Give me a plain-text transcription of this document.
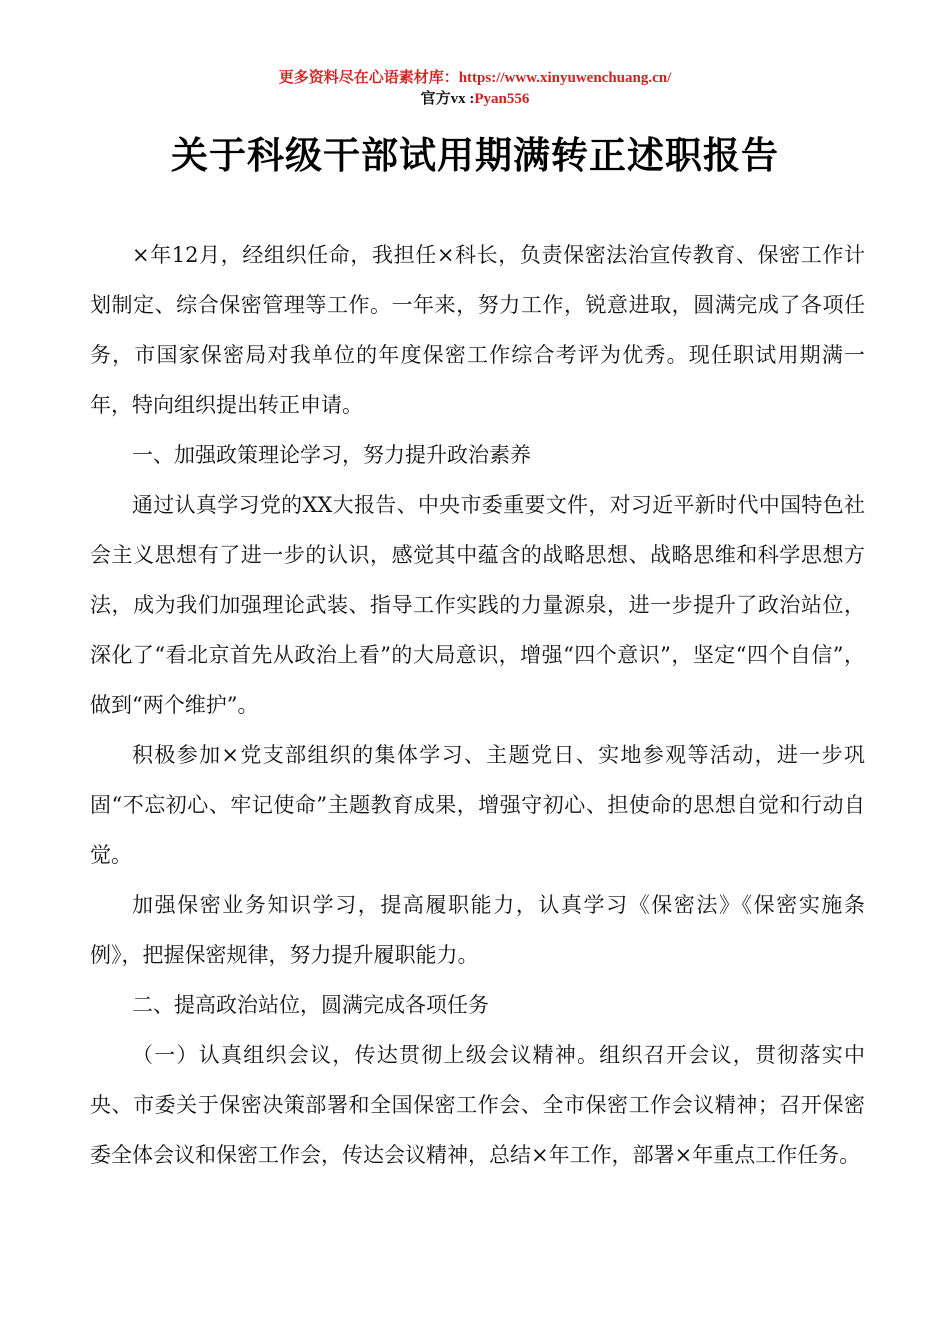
更多资料尽在心语素材库：https://www.xinyuwenchuang.cn/
官方vx :Pyan556
关于科级干部试用期满转正述职报告

×年12月，经组织任命，我担任×科长，负责保密法治宣传教育、保密工作计划制定、综合保密管理等工作。一年来，努力工作，锐意进取，圆满完成了各项任务，市国家保密局对我单位的年度保密工作综合考评为优秀。现任职试用期满一年，特向组织提出转正申请。

一、加强政策理论学习，努力提升政治素养

通过认真学习党的XX大报告、中央市委重要文件，对习近平新时代中国特色社会主义思想有了进一步的认识，感觉其中蕴含的战略思想、战略思维和科学思想方法，成为我们加强理论武装、指导工作实践的力量源泉，进一步提升了政治站位，深化了“看北京首先从政治上看”的大局意识，增强“四个意识”，坚定“四个自信”，做到“两个维护”。

积极参加×党支部组织的集体学习、主题党日、实地参观等活动，进一步巩固“不忘初心、牢记使命”主题教育成果，增强守初心、担使命的思想自觉和行动自觉。

加强保密业务知识学习，提高履职能力，认真学习《保密法》《保密实施条例》，把握保密规律，努力提升履职能力。

二、提高政治站位，圆满完成各项任务

（一）认真组织会议，传达贯彻上级会议精神。组织召开会议，贯彻落实中央、市委关于保密决策部署和全国保密工作会、全市保密工作会议精神；召开保密委全体会议和保密工作会，传达会议精神，总结×年工作，部署×年重点工作任务。
